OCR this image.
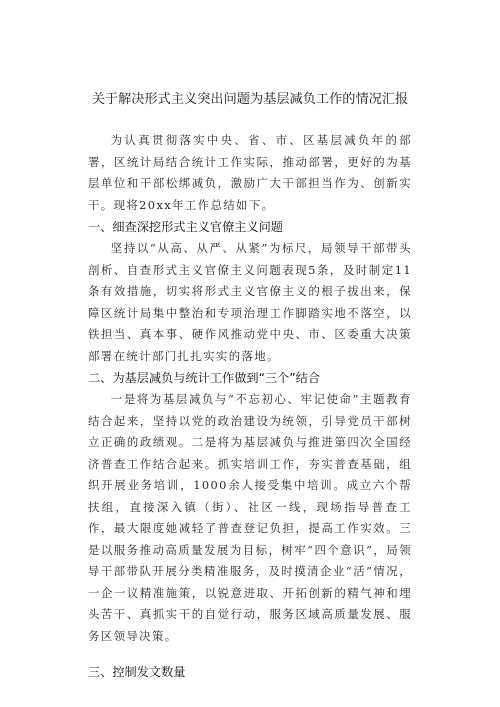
关于解决形式主义突出问题为基层减负工作的情况汇报

为认真贯彻落实中央、省、市、区基层减负年的部署，区统计局结合统计工作实际，推动部署，更好的为基层单位和干部松绑减负，激励广大干部担当作为、创新实干。现将20xx年工作总结如下。

一、细查深挖形式主义官僚主义问题

坚持以“从高、从严、从紧”为标尺，局领导干部带头剖析、自查形式主义官僚主义问题表现5条，及时制定11条有效措施，切实将形式主义官僚主义的根子拔出来，保障区统计局集中整治和专项治理工作脚踏实地不落空，以铁担当、真本事、硬作风推动党中央、市、区委重大决策部署在统计部门扎扎实实的落地。

二、为基层减负与统计工作做到“三个”结合

一是将为基层减负与“不忘初心、牢记使命”主题教育结合起来，坚持以党的政治建设为统领，引导党员干部树立正确的政绩观。二是将为基层减负与推进第四次全国经济普查工作结合起来。抓实培训工作，夯实普查基础，组织开展业务培训，1000余人接受集中培训。成立六个帮扶组，直接深入镇（街）、社区一线，现场指导普查工作，最大限度她减轻了普查登记负担，提高工作实效。三是以服务推动高质量发展为目标，树牢“四个意识”，局领导干部带队开展分类精准服务，及时摸清企业“活”情况，一企一议精准施策，以锐意进取、开拓创新的精气神和埋头苦干、真抓实干的自觉行动，服务区域高质量发展、服务区领导决策。

三、控制发文数量
